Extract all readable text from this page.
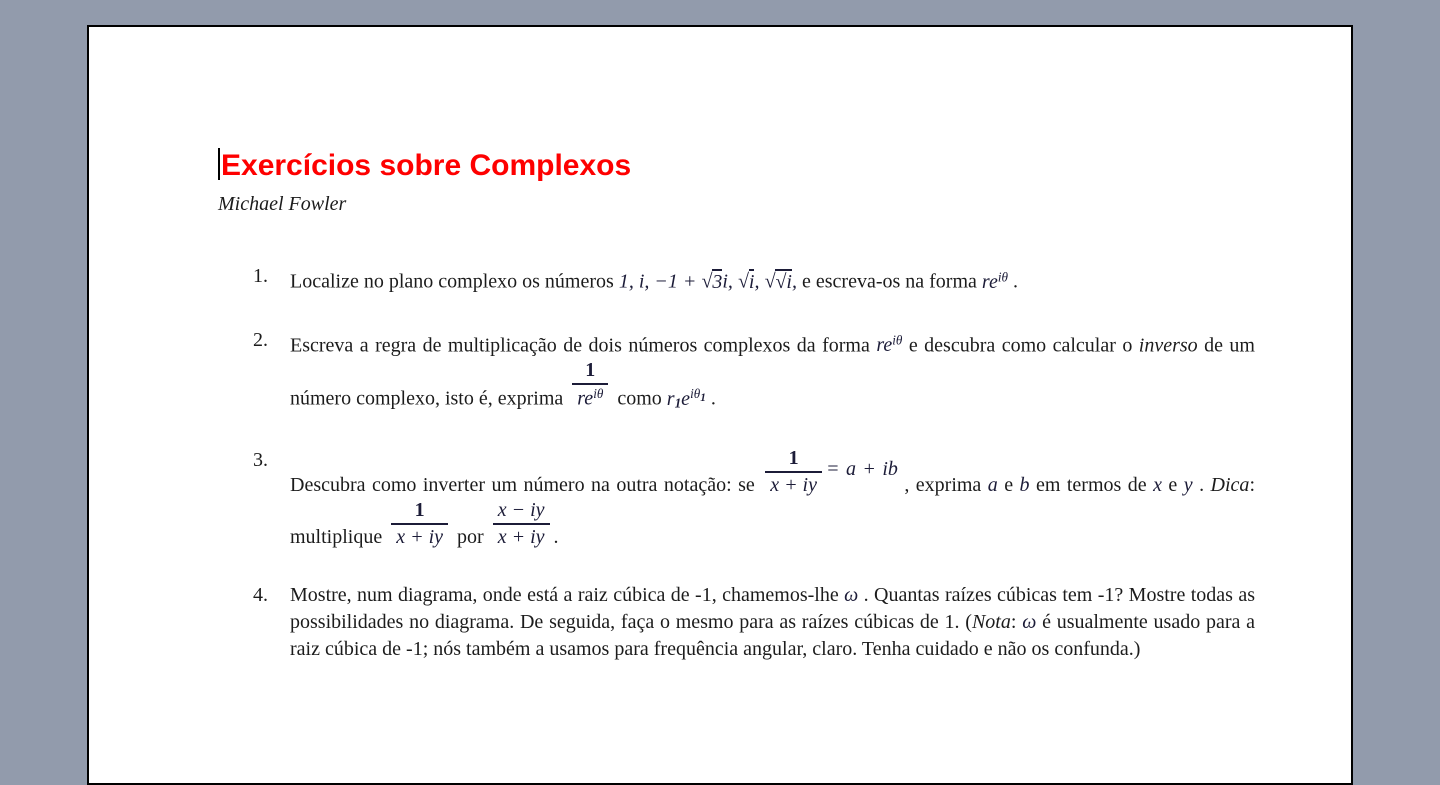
Exercícios sobre Complexos

Michael Fowler

1.	Localize no plano complexo os números 1, i, −1 + √3i, √i, √√i, e escreva-os na forma $re^{i\theta}$ .

2.	Escreva a regra de multiplicação de dois números complexos da forma $re^{i\theta}$ e descubra como calcular o inverso de um número complexo, isto é, exprima $\frac{1}{re^{i\theta}}$ como $r_1e^{i\theta 1}$ .

3.

Descubra como inverter um número na outra notação: se $\frac{1}{x + iy} = a$ + ib , exprima a e b em termos de x e y . Dica: multiplique $\frac{1}{x + iy}$ por $\frac{x - iy}{x + iy}$ .

4.	Mostre, num diagrama, onde está a raiz cúbica de -1, chamemos-lhe ω . Quantas raízes cúbicas tem -1? Mostre todas as possibilidades no diagrama. De seguida, faça o mesmo para as raízes cúbicas de 1. (Nota: ω é usualmente usado para a raiz cúbica de -1; nós também a usamos para frequência angular, claro. Tenha cuidado e não os confunda.)
